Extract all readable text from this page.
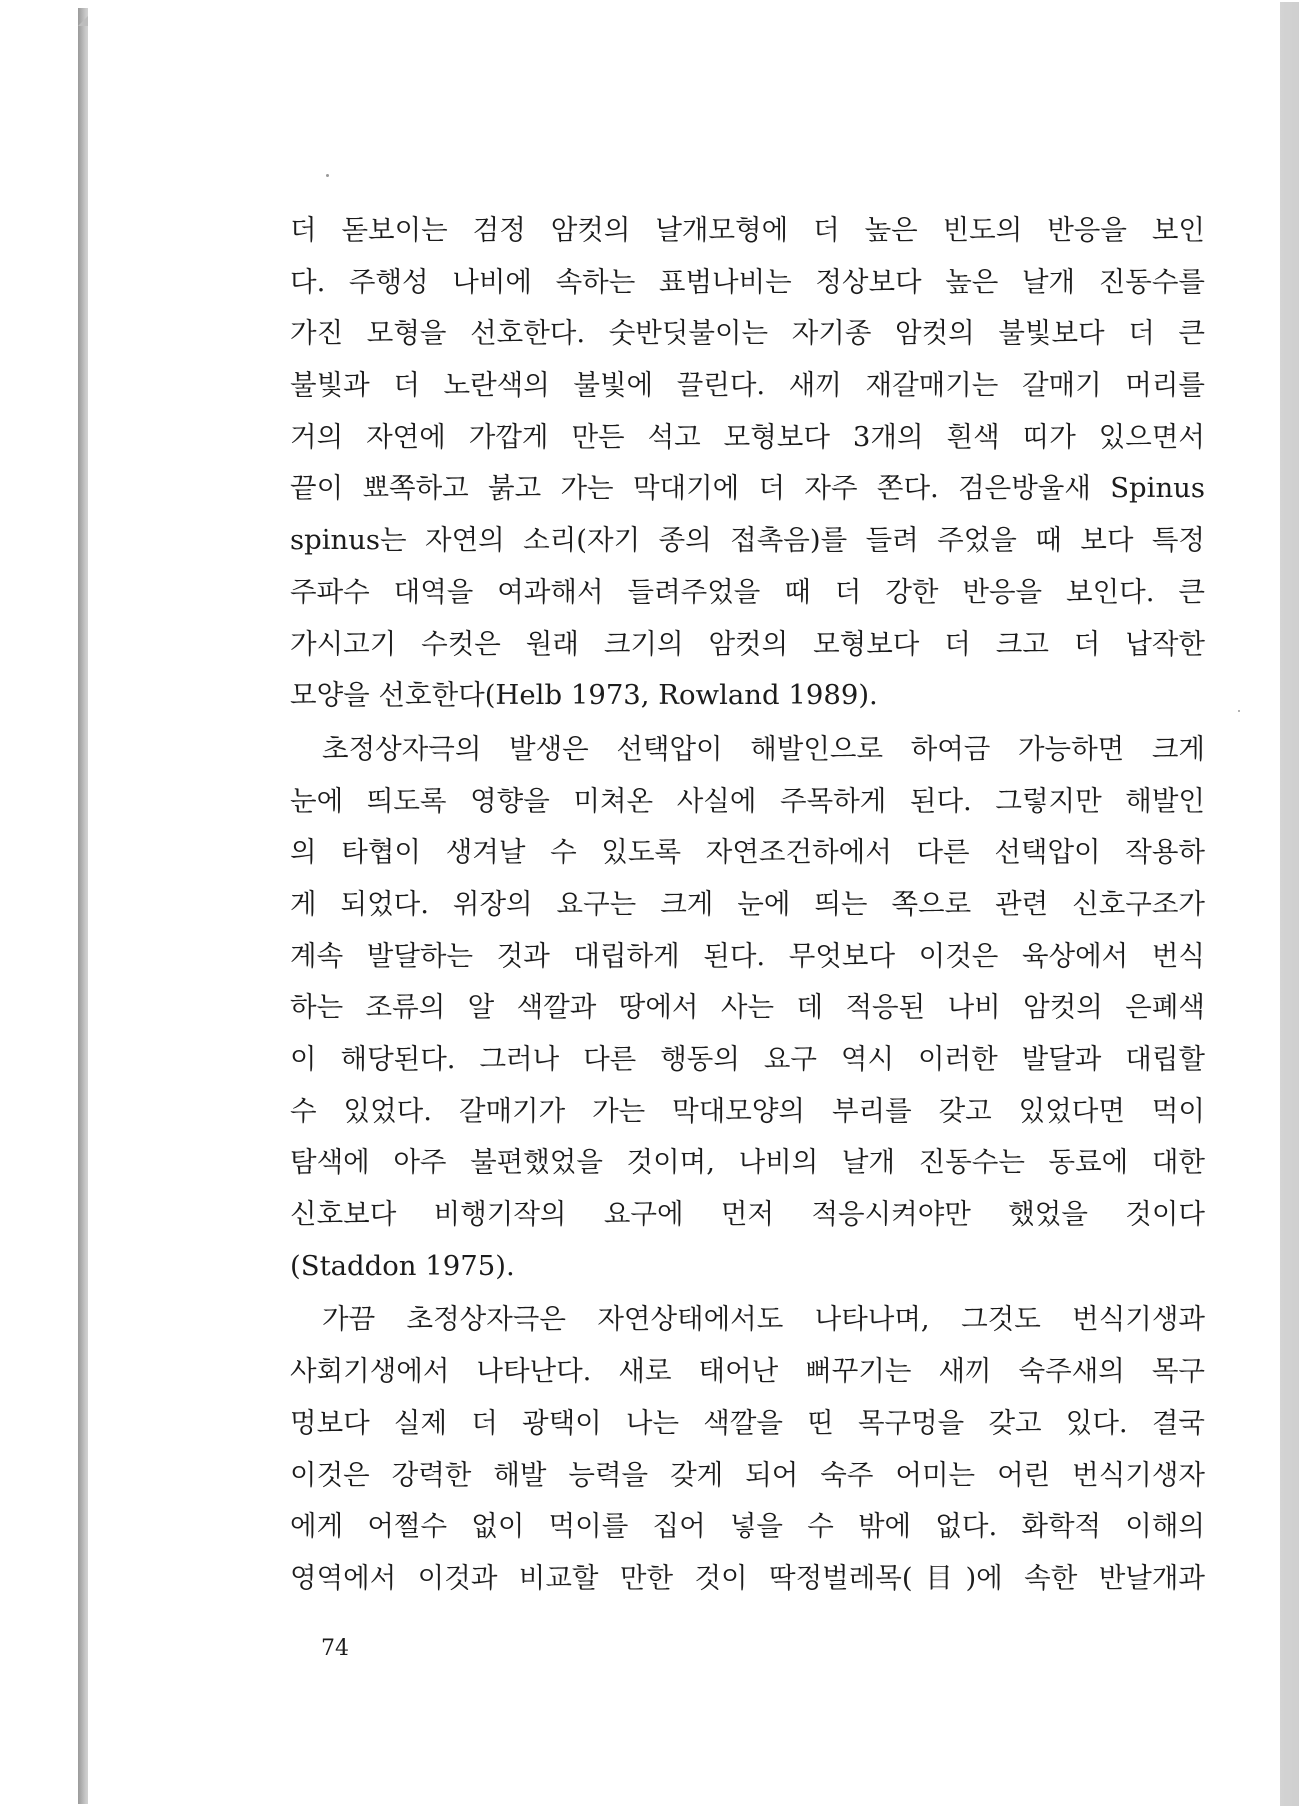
더 돋보이는 검정 암컷의 날개모형에 더 높은 빈도의 반응을 보인
다. 주행성 나비에 속하는 표범나비는 정상보다 높은 날개 진동수를
가진 모형을 선호한다. 숫반딧불이는 자기종 암컷의 불빛보다 더 큰
불빛과 더 노란색의 불빛에 끌린다. 새끼 재갈매기는 갈매기 머리를
거의 자연에 가깝게 만든 석고 모형보다 3개의 흰색 띠가 있으면서
끝이 뾰쪽하고 붉고 가는 막대기에 더 자주 쫀다. 검은방울새 Spinus
spinus는 자연의 소리(자기 종의 접촉음)를 들려 주었을 때 보다 특정
주파수 대역을 여과해서 들려주었을 때 더 강한 반응을 보인다. 큰
가시고기 수컷은 원래 크기의 암컷의 모형보다 더 크고 더 납작한
모양을 선호한다(Helb 1973, Rowland 1989).
초정상자극의 발생은 선택압이 해발인으로 하여금 가능하면 크게
눈에 띄도록 영향을 미쳐온 사실에 주목하게 된다. 그렇지만 해발인
의 타협이 생겨날 수 있도록 자연조건하에서 다른 선택압이 작용하
게 되었다. 위장의 요구는 크게 눈에 띄는 쪽으로 관련 신호구조가
계속 발달하는 것과 대립하게 된다. 무엇보다 이것은 육상에서 번식
하는 조류의 알 색깔과 땅에서 사는 데 적응된 나비 암컷의 은폐색
이 해당된다. 그러나 다른 행동의 요구 역시 이러한 발달과 대립할
수 있었다. 갈매기가 가는 막대모양의 부리를 갖고 있었다면 먹이
탐색에 아주 불편했었을 것이며, 나비의 날개 진동수는 동료에 대한
신호보다 비행기작의 요구에 먼저 적응시켜야만 했었을 것이다
(Staddon 1975).
가끔 초정상자극은 자연상태에서도 나타나며, 그것도 번식기생과
사회기생에서 나타난다. 새로 태어난 뻐꾸기는 새끼 숙주새의 목구
멍보다 실제 더 광택이 나는 색깔을 띤 목구멍을 갖고 있다. 결국
이것은 강력한 해발 능력을 갖게 되어 숙주 어미는 어린 번식기생자
에게 어쩔수 없이 먹이를 집어 넣을 수 밖에 없다. 화학적 이해의
영역에서 이것과 비교할 만한 것이 딱정벌레목(目)에 속한 반날개과
74
